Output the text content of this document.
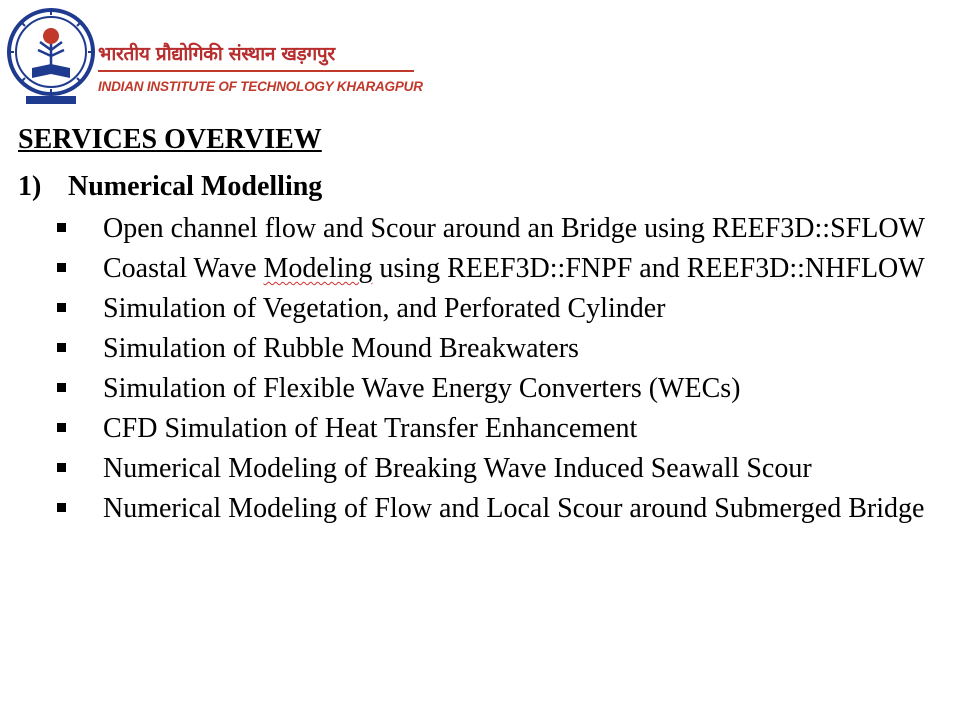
भारतीय प्रौद्योगिकी संस्थान खड़गपुर

INDIAN INSTITUTE OF TECHNOLOGY KHARAGPUR

SERVICES OVERVIEW
1) Numerical Modelling
Open channel flow and Scour around an Bridge using REEF3D::SFLOW
Coastal Wave Modeling using REEF3D::FNPF and REEF3D::NHFLOW
Simulation of Vegetation, and Perforated Cylinder
Simulation of Rubble Mound Breakwaters
Simulation of Flexible Wave Energy Converters (WECs)
CFD Simulation of Heat Transfer Enhancement
Numerical Modeling of Breaking Wave Induced Seawall Scour
Numerical Modeling of Flow and Local Scour around Submerged Bridge
